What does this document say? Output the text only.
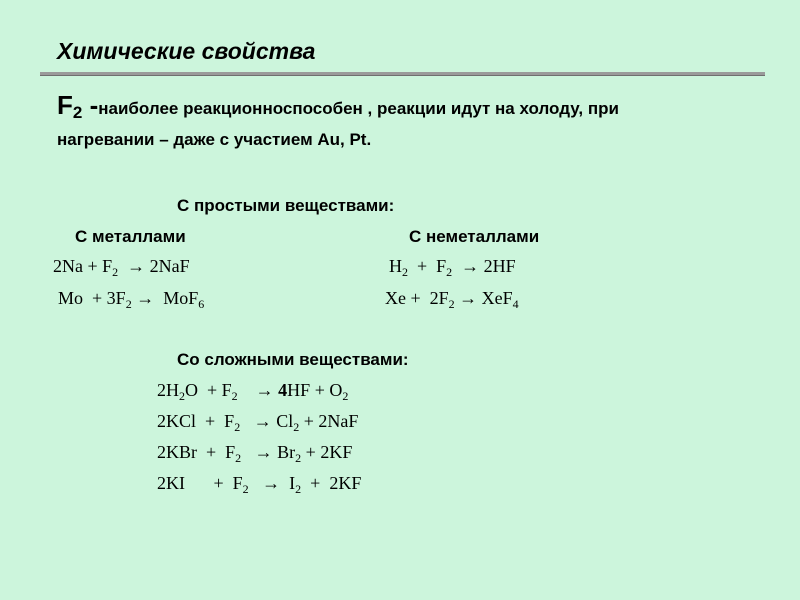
Химические свойства
$F_2$ -наиболее реакционноспособен , реакции идут на холоду, при
нагревании – даже с участием Au, Pt.
С простыми веществами:
С металлами	С неметаллами
$2Na + F_2 \to 2NaF$
$Mo + 3F_2 \to MoF_6$
$H_2 + F_2 \to 2HF$
$Xe + 2F_2 \to XeF_4$
Со сложными веществами:
$2H_2O + F_2 \to 4HF + O_2$
$2KCl + F_2 \to Cl_2 + 2NaF$
$2KBr + F_2 \to Br_2 + 2KF$
$2KI + F_2 \to I_2 + 2KF$
